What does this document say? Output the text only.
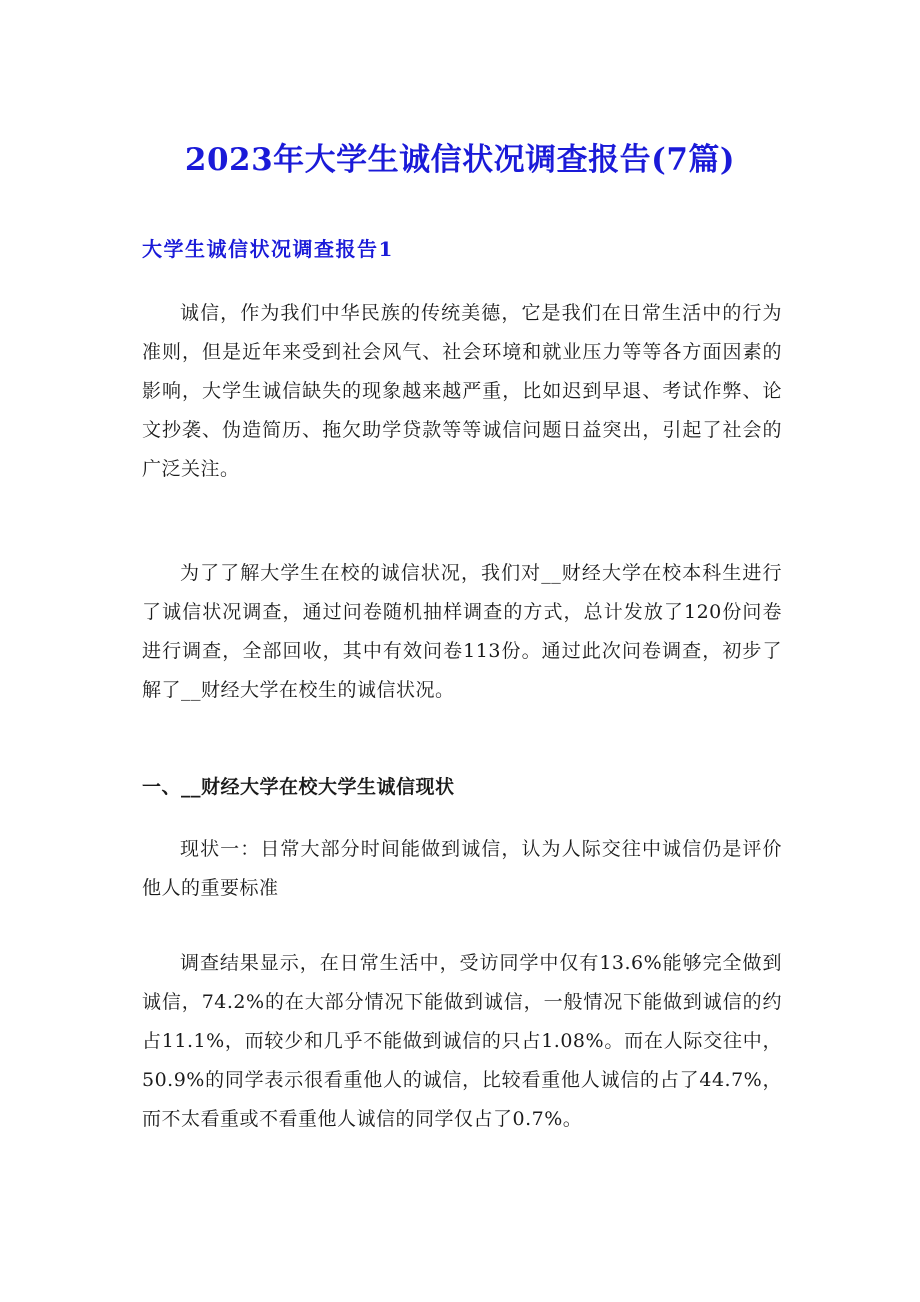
2023年大学生诚信状况调查报告(7篇)
大学生诚信状况调查报告1

诚信，作为我们中华民族的传统美德，它是我们在日常生活中的行为准则，但是近年来受到社会风气、社会环境和就业压力等等各方面因素的影响，大学生诚信缺失的现象越来越严重，比如迟到早退、考试作弊、论文抄袭、伪造简历、拖欠助学贷款等等诚信问题日益突出，引起了社会的广泛关注。

为了了解大学生在校的诚信状况，我们对__财经大学在校本科生进行了诚信状况调查，通过问卷随机抽样调查的方式，总计发放了120份问卷进行调查，全部回收，其中有效问卷113份。通过此次问卷调查，初步了解了__财经大学在校生的诚信状况。

一、__财经大学在校大学生诚信现状

现状一：日常大部分时间能做到诚信，认为人际交往中诚信仍是评价他人的重要标准

调查结果显示，在日常生活中，受访同学中仅有13.6%能够完全做到诚信，74.2%的在大部分情况下能做到诚信，一般情况下能做到诚信的约占11.1%，而较少和几乎不能做到诚信的只占1.08%。而在人际交往中，50.9%的同学表示很看重他人的诚信，比较看重他人诚信的占了44.7%，而不太看重或不看重他人诚信的同学仅占了0.7%。
